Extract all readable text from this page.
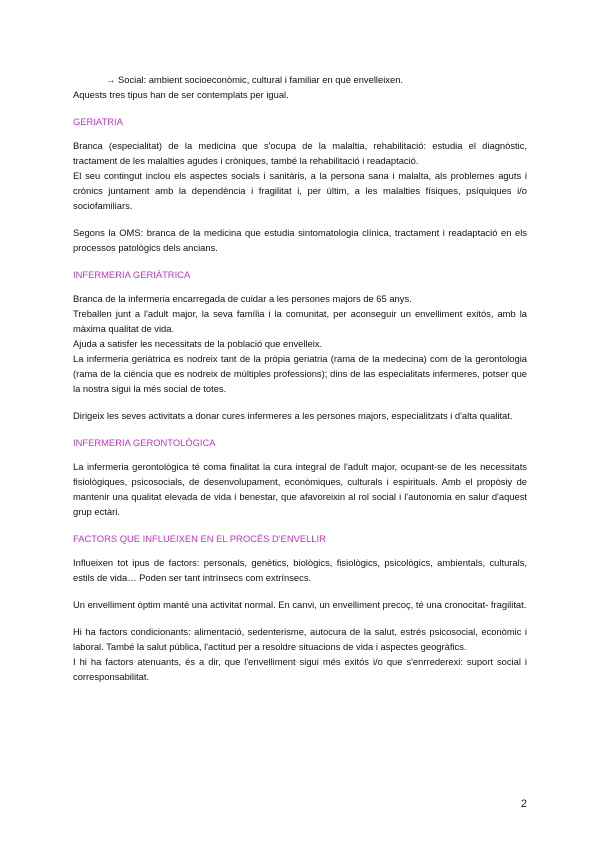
→ Social: ambient socioeconòmic, cultural i familiar en què envelleixen.

Aquests tres tipus han de ser contemplats per igual.

GERIATRIA

Branca (especialitat) de la medicina que s'ocupa de la malaltia, rehabilitació: estudia el diagnòstic, tractament de les malalties agudes i cròniques, també la rehabilitació i readaptació.

El seu contingut inclou els aspectes socials i sanitàris, a la persona sana i malalta, als problemes aguts i crònics juntament amb la dependència i fragilitat i, per últim, a les malalties físiques, psíquiques i/o sociofamiliars.

Segons la OMS: branca de la medicina que estudia sintomatologia clínica, tractament i readaptació en els processos patològics dels ancians.

INFERMERIA GERIÀTRICA

Branca de la infermeria encarregada de cuidar a les persones majors de 65 anys.

Treballen junt a l'adult major, la seva família i la comunitat, per aconseguir un envelliment exitós, amb la màxima qualitat de vida.

Ajuda a satisfer les necessitats de la població que envelleix.

La infermeria geriàtrica es nodreix tant de la pròpia geriatria (rama de la medecina) com de la gerontologia (rama de la ciència que es nodreix de múltiples professions); dins de las especialitats infermeres, potser que la nostra sigui la més social de totes.

Dirigeix les seves activitats a donar cures infermeres a les persones majors, especialitzats i d'alta qualitat.

INFERMERIA GERONTOLÒGICA

La infermeria gerontològica té coma finalitat la cura integral de l'adult major, ocupant-se de les necessitats fisiològiques, psicosocials, de desenvolupament, econòmiques, culturals i espirituals. Amb el propòsiy de mantenir una qualitat elevada de vida i benestar, que afavoreixin al rol social i l'autonomia en salur d'aquest grup ectàri.

FACTORS QUE INFLUEIXEN EN EL PROCÉS D'ENVELLIR

Influeixen tot ipus de factors: personals, genètics, biològics, fisiològics, psicològics, ambientals, culturals, estils de vida… Poden ser tant intrínsecs com extrínsecs.

Un envelliment òptim manté una activitat normal. En canvi, un envelliment precoç, té una cronocitat- fragilitat.

Hi ha factors condicionants: alimentació, sedenterisme, autocura de la salut, estrés psicosocial, econòmic i laboral. També la salut pública, l'actitud per a resoldre situacions de vida i aspectes geogràfics.

I hi ha factors atenuants, és a dir, que l'envelliment sigui més exitós i/o que s'enrrederexi: suport social i corresponsabilitat.

2
